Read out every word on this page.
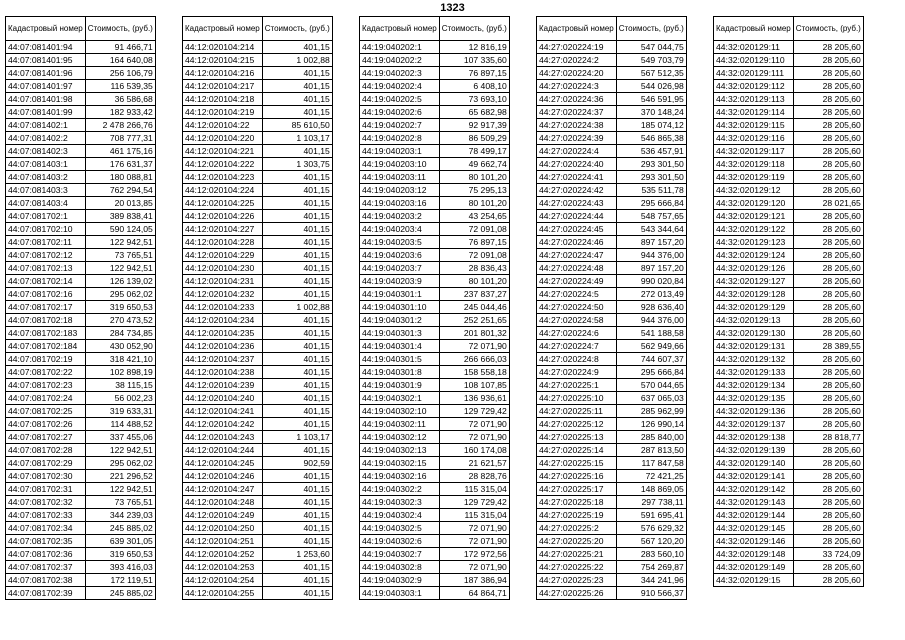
1323
Кадастровый номер	Стоимость, (руб.)
44:07:081401:94	91 466,71
44:07:081401:95	164 640,08
44:07:081401:96	256 106,79
44:07:081401:97	116 539,35
44:07:081401:98	36 586,68
44:07:081401:99	182 933,42
44:07:081402:1	2 478 266,76
44:07:081402:2	708 777,31
44:07:081402:3	461 175,16
44:07:081403:1	176 631,37
44:07:081403:2	180 088,81
44:07:081403:3	762 294,54
44:07:081403:4	20 013,85
44:07:081702:1	389 838,41
44:07:081702:10	590 124,05
44:07:081702:11	122 942,51
44:07:081702:12	73 765,51
44:07:081702:13	122 942,51
44:07:081702:14	126 139,02
44:07:081702:16	295 062,02
44:07:081702:17	319 650,53
44:07:081702:18	270 473,52
44:07:081702:183	284 734,85
44:07:081702:184	430 052,90
44:07:081702:19	318 421,10
44:07:081702:22	102 898,19
44:07:081702:23	38 115,15
44:07:081702:24	56 002,23
44:07:081702:25	319 633,31
44:07:081702:26	114 488,52
44:07:081702:27	337 455,06
44:07:081702:28	122 942,51
44:07:081702:29	295 062,02
44:07:081702:30	221 296,52
44:07:081702:31	122 942,51
44:07:081702:32	73 765,51
44:07:081702:33	344 239,03
44:07:081702:34	245 885,02
44:07:081702:35	639 301,05
44:07:081702:36	319 650,53
44:07:081702:37	393 416,03
44:07:081702:38	172 119,51
44:07:081702:39	245 885,02
Кадастровый номер	Стоимость, (руб.)
44:12:020104:214	401,15
44:12:020104:215	1 002,88
44:12:020104:216	401,15
44:12:020104:217	401,15
44:12:020104:218	401,15
44:12:020104:219	401,15
44:12:020104:22	85 610,50
44:12:020104:220	1 103,17
44:12:020104:221	401,15
44:12:020104:222	1 303,75
44:12:020104:223	401,15
44:12:020104:224	401,15
44:12:020104:225	401,15
44:12:020104:226	401,15
44:12:020104:227	401,15
44:12:020104:228	401,15
44:12:020104:229	401,15
44:12:020104:230	401,15
44:12:020104:231	401,15
44:12:020104:232	401,15
44:12:020104:233	1 002,88
44:12:020104:234	401,15
44:12:020104:235	401,15
44:12:020104:236	401,15
44:12:020104:237	401,15
44:12:020104:238	401,15
44:12:020104:239	401,15
44:12:020104:240	401,15
44:12:020104:241	401,15
44:12:020104:242	401,15
44:12:020104:243	1 103,17
44:12:020104:244	401,15
44:12:020104:245	902,59
44:12:020104:246	401,15
44:12:020104:247	401,15
44:12:020104:248	401,15
44:12:020104:249	401,15
44:12:020104:250	401,15
44:12:020104:251	401,15
44:12:020104:252	1 253,60
44:12:020104:253	401,15
44:12:020104:254	401,15
44:12:020104:255	401,15
Кадастровый номер	Стоимость, (руб.)
44:19:040202:1	12 816,19
44:19:040202:2	107 335,60
44:19:040202:3	76 897,15
44:19:040202:4	6 408,10
44:19:040202:5	73 693,10
44:19:040202:6	65 682,98
44:19:040202:7	92 917,39
44:19:040202:8	86 509,29
44:19:040203:1	78 499,17
44:19:040203:10	49 662,74
44:19:040203:11	80 101,20
44:19:040203:12	75 295,13
44:19:040203:16	80 101,20
44:19:040203:2	43 254,65
44:19:040203:4	72 091,08
44:19:040203:5	76 897,15
44:19:040203:6	72 091,08
44:19:040203:7	28 836,43
44:19:040203:9	80 101,20
44:19:040301:1	237 837,27
44:19:040301:10	245 044,46
44:19:040301:2	252 251,65
44:19:040301:3	201 801,32
44:19:040301:4	72 071,90
44:19:040301:5	266 666,03
44:19:040301:8	158 558,18
44:19:040301:9	108 107,85
44:19:040302:1	136 936,61
44:19:040302:10	129 729,42
44:19:040302:11	72 071,90
44:19:040302:12	72 071,90
44:19:040302:13	160 174,08
44:19:040302:15	21 621,57
44:19:040302:16	28 828,76
44:19:040302:2	115 315,04
44:19:040302:3	129 729,42
44:19:040302:4	115 315,04
44:19:040302:5	72 071,90
44:19:040302:6	72 071,90
44:19:040302:7	172 972,56
44:19:040302:8	72 071,90
44:19:040302:9	187 386,94
44:19:040303:1	64 864,71
Кадастровый номер	Стоимость, (руб.)
44:27:020224:19	547 044,75
44:27:020224:2	549 703,79
44:27:020224:20	567 512,35
44:27:020224:3	544 026,98
44:27:020224:36	546 591,95
44:27:020224:37	370 148,24
44:27:020224:38	185 074,12
44:27:020224:39	546 865,38
44:27:020224:4	536 457,91
44:27:020224:40	293 301,50
44:27:020224:41	293 301,50
44:27:020224:42	535 511,78
44:27:020224:43	295 666,84
44:27:020224:44	548 757,65
44:27:020224:45	543 344,64
44:27:020224:46	897 157,20
44:27:020224:47	944 376,00
44:27:020224:48	897 157,20
44:27:020224:49	990 020,84
44:27:020224:5	272 013,49
44:27:020224:50	928 636,40
44:27:020224:58	944 376,00
44:27:020224:6	541 188,58
44:27:020224:7	562 949,66
44:27:020224:8	744 607,37
44:27:020224:9	295 666,84
44:27:020225:1	570 044,65
44:27:020225:10	637 065,03
44:27:020225:11	285 962,99
44:27:020225:12	126 990,14
44:27:020225:13	285 840,00
44:27:020225:14	287 813,50
44:27:020225:15	117 847,58
44:27:020225:16	72 421,25
44:27:020225:17	148 869,05
44:27:020225:18	297 738,11
44:27:020225:19	591 695,41
44:27:020225:2	576 629,32
44:27:020225:20	567 120,20
44:27:020225:21	283 560,10
44:27:020225:22	754 269,87
44:27:020225:23	344 241,96
44:27:020225:26	910 566,37
Кадастровый номер	Стоимость, (руб.)
44:32:020129:11	28 205,60
44:32:020129:110	28 205,60
44:32:020129:111	28 205,60
44:32:020129:112	28 205,60
44:32:020129:113	28 205,60
44:32:020129:114	28 205,60
44:32:020129:115	28 205,60
44:32:020129:116	28 205,60
44:32:020129:117	28 205,60
44:32:020129:118	28 205,60
44:32:020129:119	28 205,60
44:32:020129:12	28 205,60
44:32:020129:120	28 021,65
44:32:020129:121	28 205,60
44:32:020129:122	28 205,60
44:32:020129:123	28 205,60
44:32:020129:124	28 205,60
44:32:020129:126	28 205,60
44:32:020129:127	28 205,60
44:32:020129:128	28 205,60
44:32:020129:129	28 205,60
44:32:020129:13	28 205,60
44:32:020129:130	28 205,60
44:32:020129:131	28 389,55
44:32:020129:132	28 205,60
44:32:020129:133	28 205,60
44:32:020129:134	28 205,60
44:32:020129:135	28 205,60
44:32:020129:136	28 205,60
44:32:020129:137	28 205,60
44:32:020129:138	28 818,77
44:32:020129:139	28 205,60
44:32:020129:140	28 205,60
44:32:020129:141	28 205,60
44:32:020129:142	28 205,60
44:32:020129:143	28 205,60
44:32:020129:144	28 205,60
44:32:020129:145	28 205,60
44:32:020129:146	28 205,60
44:32:020129:148	33 724,09
44:32:020129:149	28 205,60
44:32:020129:15	28 205,60
